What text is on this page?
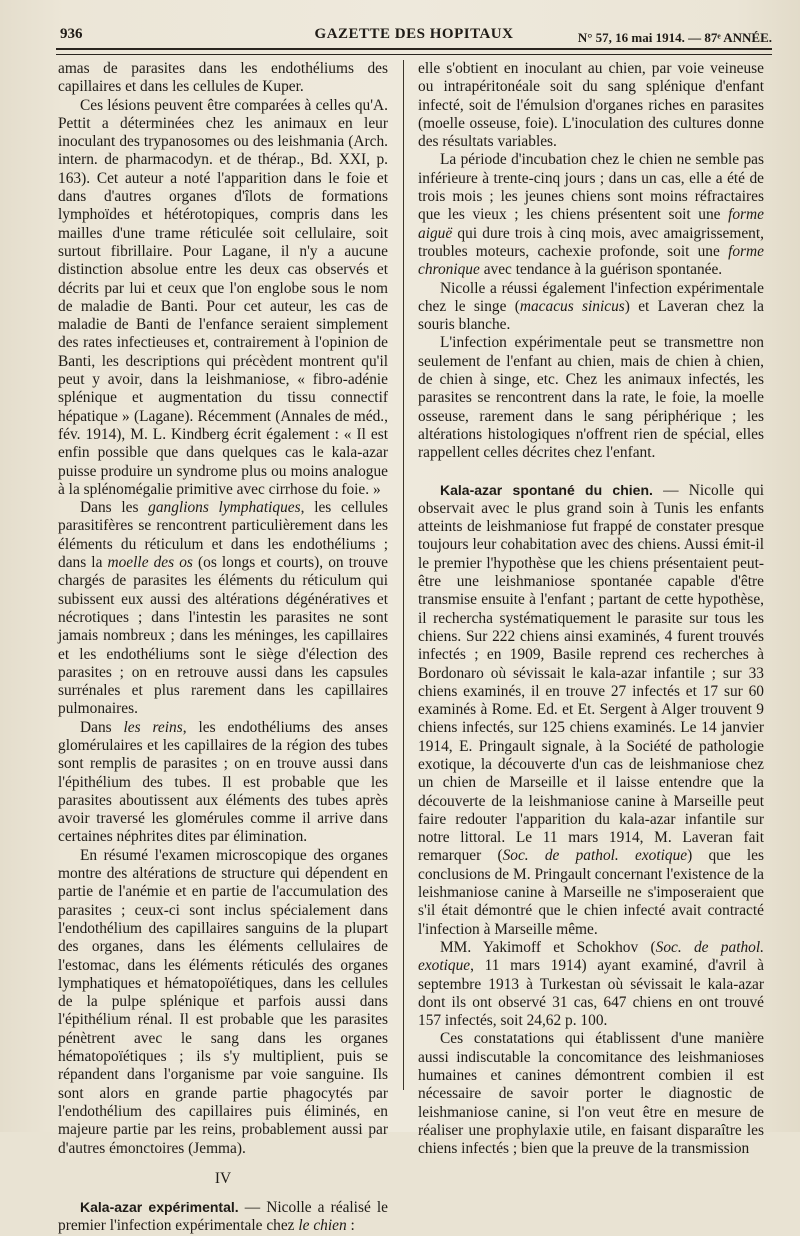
936	GAZETTE DES HOPITAUX	N° 57, 16 mai 1914. — 87ᵉ ANNÉE.

amas de parasites dans les endothéliums des capillaires et dans les cellules de Kuper.

Ces lésions peuvent être comparées à celles qu'A. Pettit a déterminées chez les animaux en leur inoculant des trypanosomes ou des leishmania (Arch. intern. de pharmacodyn. et de thérap., Bd. XXI, p. 163). Cet auteur a noté l'apparition dans le foie et dans d'autres organes d'îlots de formations lymphoïdes et hétérotopiques, compris dans les mailles d'une trame réticulée soit cellulaire, soit surtout fibrillaire. Pour Lagane, il n'y a aucune distinction absolue entre les deux cas observés et décrits par lui et ceux que l'on englobe sous le nom de maladie de Banti. Pour cet auteur, les cas de maladie de Banti de l'enfance seraient simplement des rates infectieuses et, contrairement à l'opinion de Banti, les descriptions qui précèdent montrent qu'il peut y avoir, dans la leishmaniose, « fibro-adénie splénique et augmentation du tissu connectif hépatique » (Lagane). Récemment (Annales de méd., fév. 1914), M. L. Kindberg écrit également : « Il est enfin possible que dans quelques cas le kala-azar puisse produire un syndrome plus ou moins analogue à la splénomégalie primitive avec cirrhose du foie. »

Dans les ganglions lymphatiques, les cellules parasitifères se rencontrent particulièrement dans les éléments du réticulum et dans les endothéliums ; dans la moelle des os (os longs et courts), on trouve chargés de parasites les éléments du réticulum qui subissent eux aussi des altérations dégénératives et nécrotiques ; dans l'intestin les parasites ne sont jamais nombreux ; dans les méninges, les capillaires et les endothéliums sont le siège d'élection des parasites ; on en retrouve aussi dans les capsules surrénales et plus rarement dans les capillaires pulmonaires.

Dans les reins, les endothéliums des anses glomérulaires et les capillaires de la région des tubes sont remplis de parasites ; on en trouve aussi dans l'épithélium des tubes. Il est probable que les parasites aboutissent aux éléments des tubes après avoir traversé les glomérules comme il arrive dans certaines néphrites dites par élimination.

En résumé l'examen microscopique des organes montre des altérations de structure qui dépendent en partie de l'anémie et en partie de l'accumulation des parasites ; ceux-ci sont inclus spécialement dans l'endothélium des capillaires sanguins de la plupart des organes, dans les éléments cellulaires de l'estomac, dans les éléments réticulés des organes lymphatiques et hématopoïétiques, dans les cellules de la pulpe splénique et parfois aussi dans l'épithélium rénal. Il est probable que les parasites pénètrent avec le sang dans les organes hématopoïétiques ; ils s'y multiplient, puis se répandent dans l'organisme par voie sanguine. Ils sont alors en grande partie phagocytés par l'endothélium des capillaires puis éliminés, en majeure partie par les reins, probablement aussi par d'autres émonctoires (Jemma).

IV

Kala-azar expérimental. — Nicolle a réalisé le premier l'infection expérimentale chez le chien :

elle s'obtient en inoculant au chien, par voie veineuse ou intrapéritonéale soit du sang splénique d'enfant infecté, soit de l'émulsion d'organes riches en parasites (moelle osseuse, foie). L'inoculation des cultures donne des résultats variables.

La période d'incubation chez le chien ne semble pas inférieure à trente-cinq jours ; dans un cas, elle a été de trois mois ; les jeunes chiens sont moins réfractaires que les vieux ; les chiens présentent soit une forme aiguë qui dure trois à cinq mois, avec amaigrissement, troubles moteurs, cachexie profonde, soit une forme chronique avec tendance à la guérison spontanée.

Nicolle a réussi également l'infection expérimentale chez le singe (macacus sinicus) et Laveran chez la souris blanche.

L'infection expérimentale peut se transmettre non seulement de l'enfant au chien, mais de chien à chien, de chien à singe, etc. Chez les animaux infectés, les parasites se rencontrent dans la rate, le foie, la moelle osseuse, rarement dans le sang périphérique ; les altérations histologiques n'offrent rien de spécial, elles rappellent celles décrites chez l'enfant.

Kala-azar spontané du chien. — Nicolle qui observait avec le plus grand soin à Tunis les enfants atteints de leishmaniose fut frappé de constater presque toujours leur cohabitation avec des chiens. Aussi émit-il le premier l'hypothèse que les chiens présentaient peut-être une leishmaniose spontanée capable d'être transmise ensuite à l'enfant ; partant de cette hypothèse, il rechercha systématiquement le parasite sur tous les chiens. Sur 222 chiens ainsi examinés, 4 furent trouvés infectés ; en 1909, Basile reprend ces recherches à Bordonaro où sévissait le kala-azar infantile ; sur 33 chiens examinés, il en trouve 27 infectés et 17 sur 60 examinés à Rome. Ed. et Et. Sergent à Alger trouvent 9 chiens infectés, sur 125 chiens examinés. Le 14 janvier 1914, E. Pringault signale, à la Société de pathologie exotique, la découverte d'un cas de leishmaniose chez un chien de Marseille et il laisse entendre que la découverte de la leishmaniose canine à Marseille peut faire redouter l'apparition du kala-azar infantile sur notre littoral. Le 11 mars 1914, M. Laveran fait remarquer (Soc. de pathol. exotique) que les conclusions de M. Pringault concernant l'existence de la leishmaniose canine à Marseille ne s'imposeraient que s'il était démontré que le chien infecté avait contracté l'infection à Marseille même.

MM. Yakimoff et Schokhov (Soc. de pathol. exotique, 11 mars 1914) ayant examiné, d'avril à septembre 1913 à Turkestan où sévissait le kala-azar dont ils ont observé 31 cas, 647 chiens en ont trouvé 157 infectés, soit 24,62 p. 100.

Ces constatations qui établissent d'une manière aussi indiscutable la concomitance des leishmanioses humaines et canines démontrent combien il est nécessaire de savoir porter le diagnostic de leishmaniose canine, si l'on veut être en mesure de réaliser une prophylaxie utile, en faisant disparaître les chiens infectés ; bien que la preuve de la transmission
